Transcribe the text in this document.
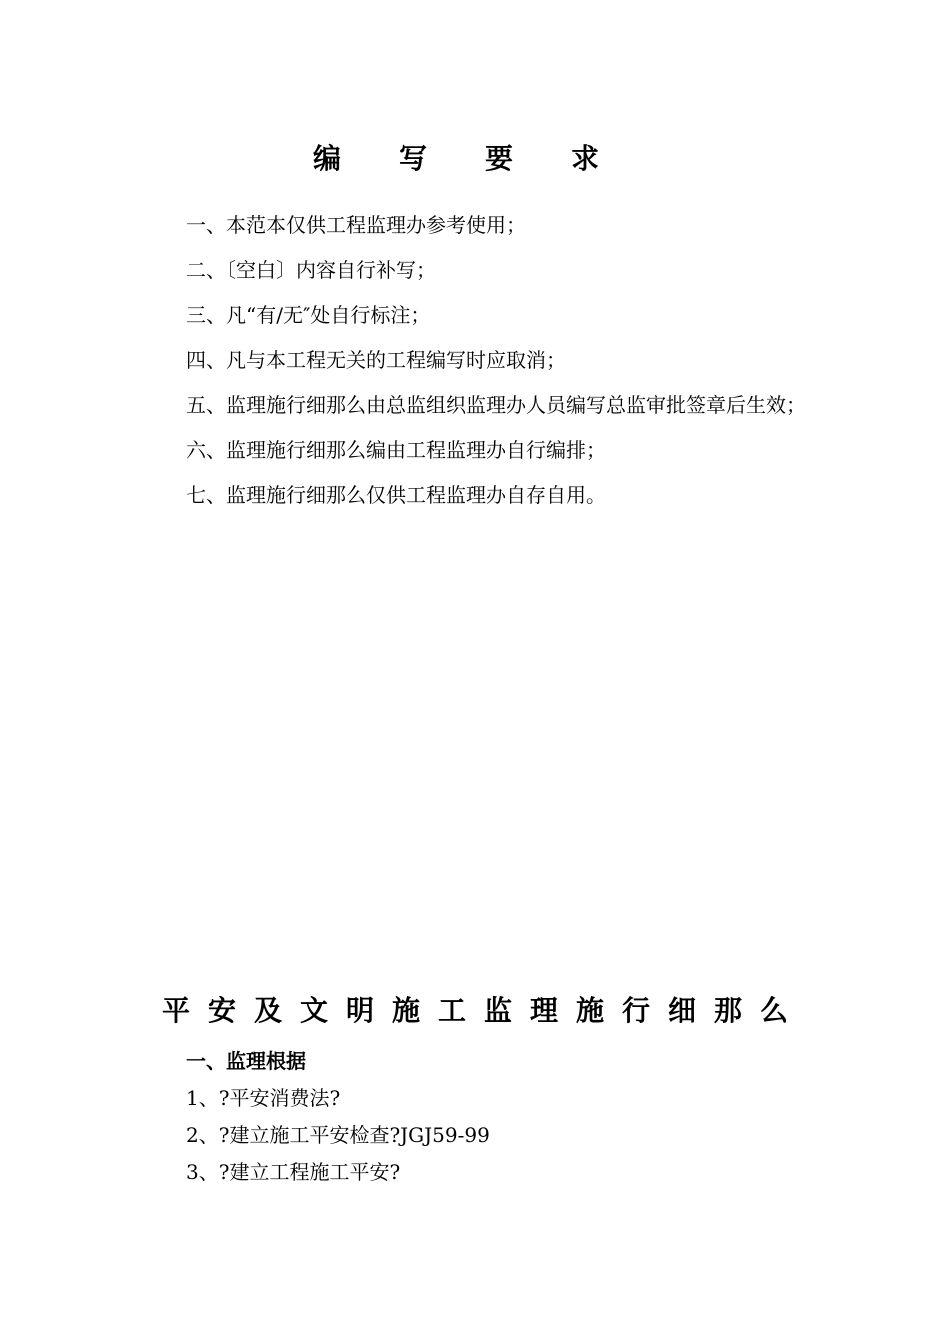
编写要求

一、本范本仅供工程监理办参考使用；

二、〔空白〕内容自行补写；

三、凡“有/无″处自行标注；

四、凡与本工程无关的工程编写时应取消；

五、监理施行细那么由总监组织监理办人员编写总监审批签章后生效；

六、监理施行细那么编由工程监理办自行编排；

七、监理施行细那么仅供工程监理办自存自用。

平安及文明施工监理施行细那么
一、监理根据

1、?平安消费法?

2、?建立施工平安检查?JGJ59-99

3、?建立工程施工平安?
